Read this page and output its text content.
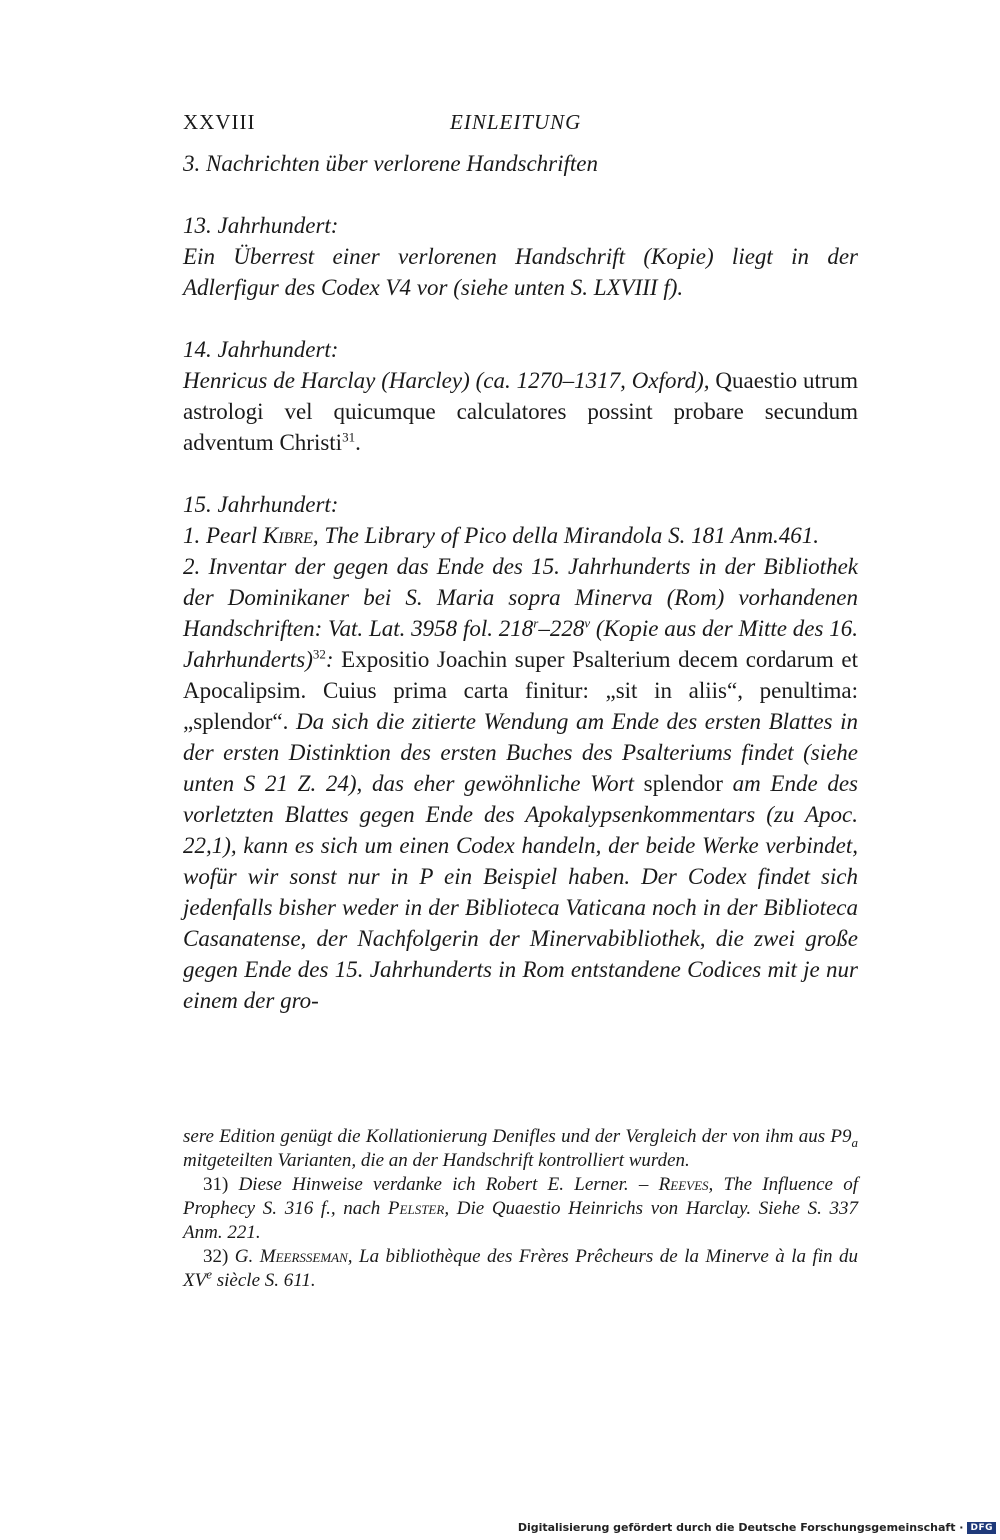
XXVIII	EINLEITUNG

3. Nachrichten über verlorene Handschriften

13. Jahrhundert:

Ein Überrest einer verlorenen Handschrift (Kopie) liegt in der Adlerfigur des Codex V4 vor (siehe unten S. LXVIII f).

14. Jahrhundert:

Henricus de Harclay (Harcley) (ca. 1270–1317, Oxford), Quaestio utrum astrologi vel quicumque calculatores possint probare secundum adventum Christi$^{31}$.

15. Jahrhundert:

1. Pearl Kibre, The Library of Pico della Mirandola S. 181 Anm.461.

2. Inventar der gegen das Ende des 15. Jahrhunderts in der Bibliothek der Dominikaner bei S. Maria sopra Minerva (Rom) vorhandenen Handschriften: Vat. Lat. 3958 fol. 218$^r$–228$^v$ (Kopie aus der Mitte des 16. Jahrhunderts)$^{32}$: Expositio Joachin super Psalterium decem cordarum et Apocalipsim. Cuius prima carta finitur: „sit in aliis“, penultima: „splendor“. Da sich die zitierte Wendung am Ende des ersten Blattes in der ersten Distinktion des ersten Buches des Psalteriums findet (siehe unten S 21 Z. 24), das eher gewöhnliche Wort splendor am Ende des vorletzten Blattes gegen Ende des Apokalypsenkommentars (zu Apoc. 22,1), kann es sich um einen Codex handeln, der beide Werke verbindet, wofür wir sonst nur in P ein Beispiel haben. Der Codex findet sich jedenfalls bisher weder in der Biblioteca Vaticana noch in der Biblioteca Casanatense, der Nachfolgerin der Minervabibliothek, die zwei große gegen Ende des 15. Jahrhunderts in Rom entstandene Codices mit je nur einem der gro-

sere Edition genügt die Kollationierung Denifles und der Vergleich der von ihm aus $P9_a$ mitgeteilten Varianten, die an der Handschrift kontrolliert wurden.

31) Diese Hinweise verdanke ich Robert E. Lerner. – Reeves, The Influence of Prophecy S. 316 f., nach Pelster, Die Quaestio Heinrichs von Harclay. Siehe S. 337 Anm. 221.

32) G. Meersseman, La bibliothèque des Frères Prêcheurs de la Minerve à la fin du XVe siècle S. 611.

Digitalisierung gefördert durch die Deutsche Forschungsgemeinschaft · DFG
